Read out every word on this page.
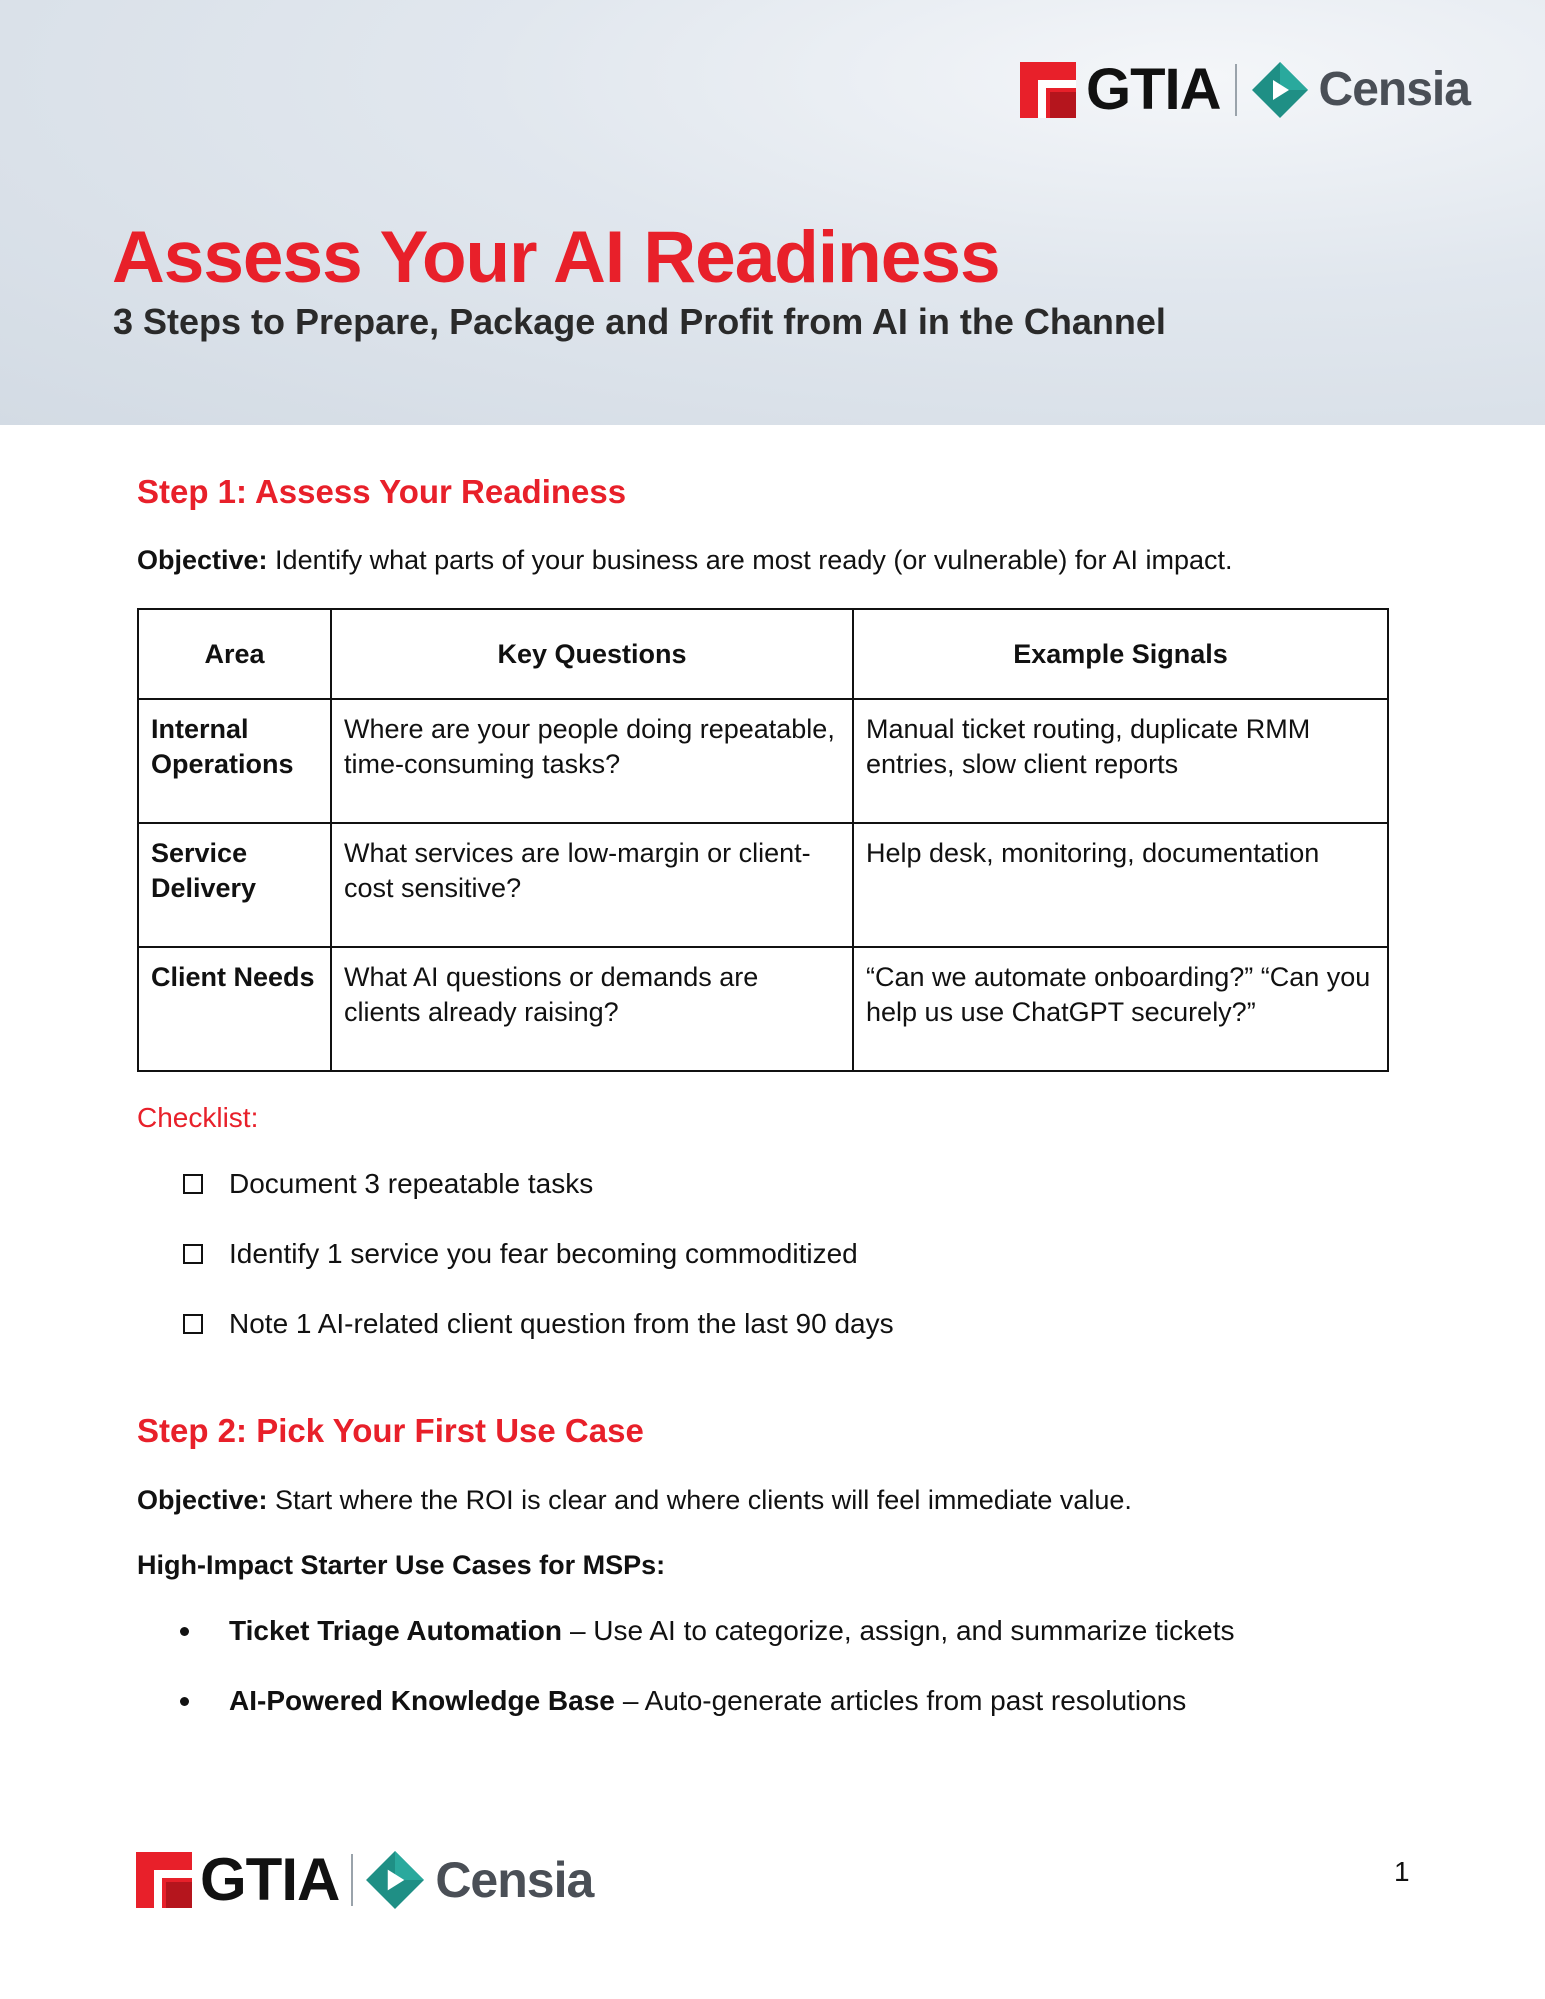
GTIA Censia
Assess Your AI Readiness
3 Steps to Prepare, Package and Profit from AI in the Channel
Step 1: Assess Your Readiness

Objective: Identify what parts of your business are most ready (or vulnerable) for AI impact.

Area	Key Questions	Example Signals
Internal Operations	Where are your people doing repeatable, time-consuming tasks?	Manual ticket routing, duplicate RMM entries, slow client reports
Service Delivery	What services are low-margin or client-cost sensitive?	Help desk, monitoring, documentation
Client Needs	What AI questions or demands are clients already raising?	“Can we automate onboarding?” “Can you help us use ChatGPT securely?”
Checklist:
Document 3 repeatable tasks
Identify 1 service you fear becoming commoditized
Note 1 AI-related client question from the last 90 days
Step 2: Pick Your First Use Case

Objective: Start where the ROI is clear and where clients will feel immediate value.

High-Impact Starter Use Cases for MSPs:

Ticket Triage Automation – Use AI to categorize, assign, and summarize tickets
AI-Powered Knowledge Base – Auto-generate articles from past resolutions
GTIA Censia	1
